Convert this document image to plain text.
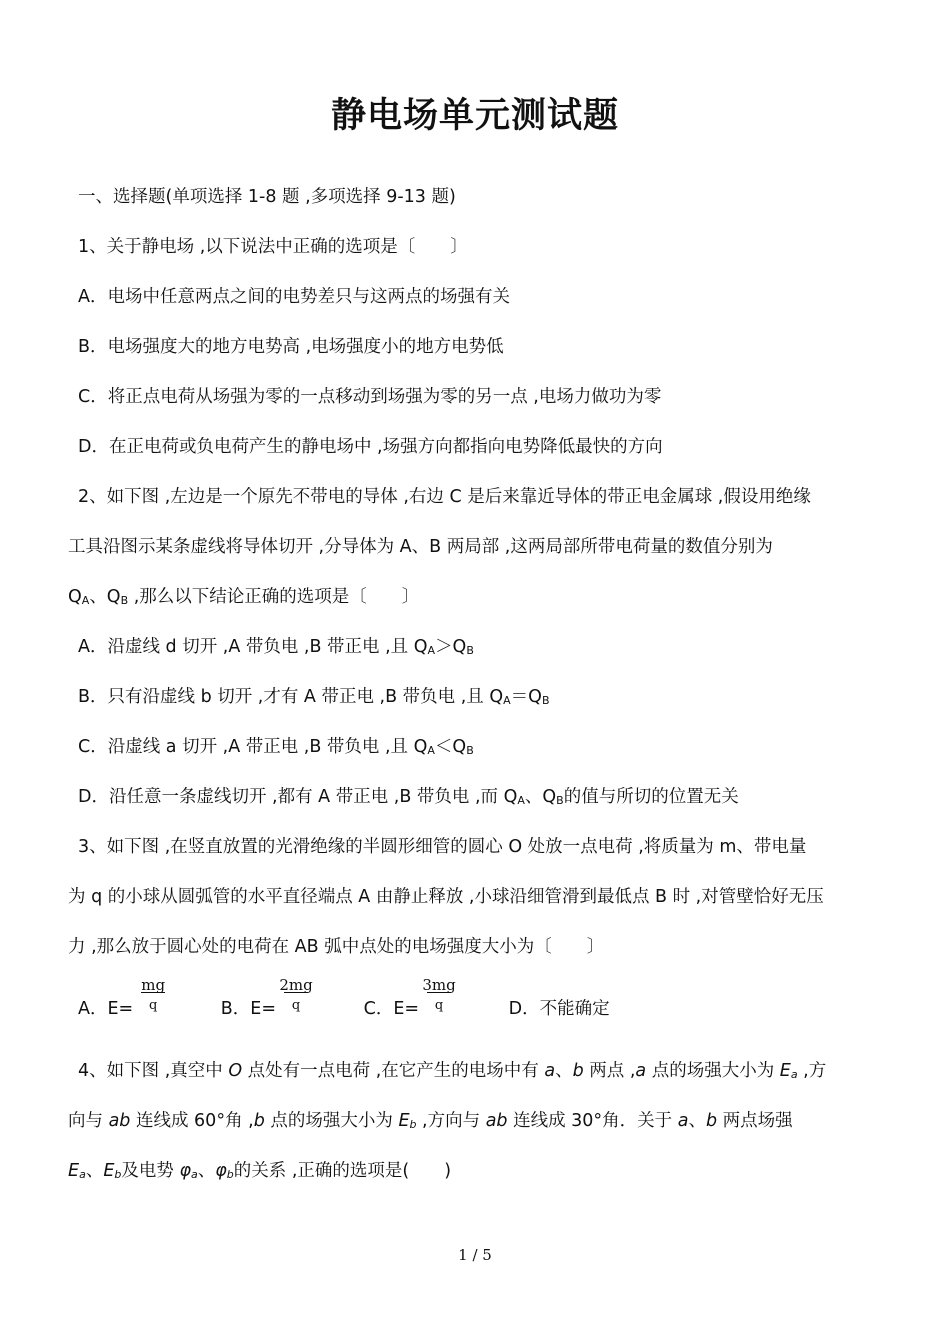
静电场单元测试题
一、选择题(单项选择 1-8 题 ,多项选择 9-13 题)
1、关于静电场 ,以下说法中正确的选项是〔　　〕
A．电场中任意两点之间的电势差只与这两点的场强有关
B．电场强度大的地方电势高 ,电场强度小的地方电势低
C．将正点电荷从场强为零的一点移动到场强为零的另一点 ,电场力做功为零
D．在正电荷或负电荷产生的静电场中 ,场强方向都指向电势降低最快的方向
2、如下图 ,左边是一个原先不带电的导体 ,右边 C 是后来靠近导体的带正电金属球 ,假设用绝缘
工具沿图示某条虚线将导体切开 ,分导体为 A、B 两局部 ,这两局部所带电荷量的数值分别为
$Q_A$、$Q_B$ ,那么以下结论正确的选项是〔　　〕
A．沿虚线 d 切开 ,A 带负电 ,B 带正电 ,且 $Q_A>Q_B$
B．只有沿虚线 b 切开 ,才有 A 带正电 ,B 带负电 ,且 $Q_A=Q_B$
C．沿虚线 a 切开 ,A 带正电 ,B 带负电 ,且 $Q_A<Q_B$
D．沿任意一条虚线切开 ,都有 A 带正电 ,B 带负电 ,而 $Q_A$、$Q_B$的值与所切的位置无关
3、如下图 ,在竖直放置的光滑绝缘的半圆形细管的圆心 O 处放一点电荷 ,将质量为 m、带电量
为 q 的小球从圆弧管的水平直径端点 A 由静止释放 ,小球沿细管滑到最低点 B 时 ,对管壁恰好无压
力 ,那么放于圆心处的电荷在 AB 弧中点处的电场强度大小为〔　　〕
A．$E= \frac{mg}{q}$	B．$E= \frac{2mg}{q}$	C．$E= \frac{3mg}{q}$	D．不能确定
4、如下图 ,真空中 O 点处有一点电荷 ,在它产生的电场中有 a、b 两点 ,a 点的场强大小为 $E_a$ ,方
向与 ab 连线成 60°角 ,b 点的场强大小为 $E_b$ ,方向与 ab 连线成 30°角．关于 a、b 两点场强
$E_a$、$E_b$及电势 $\varphi_a$、$\varphi_b$的关系 ,正确的选项是(　　)
1 / 5
